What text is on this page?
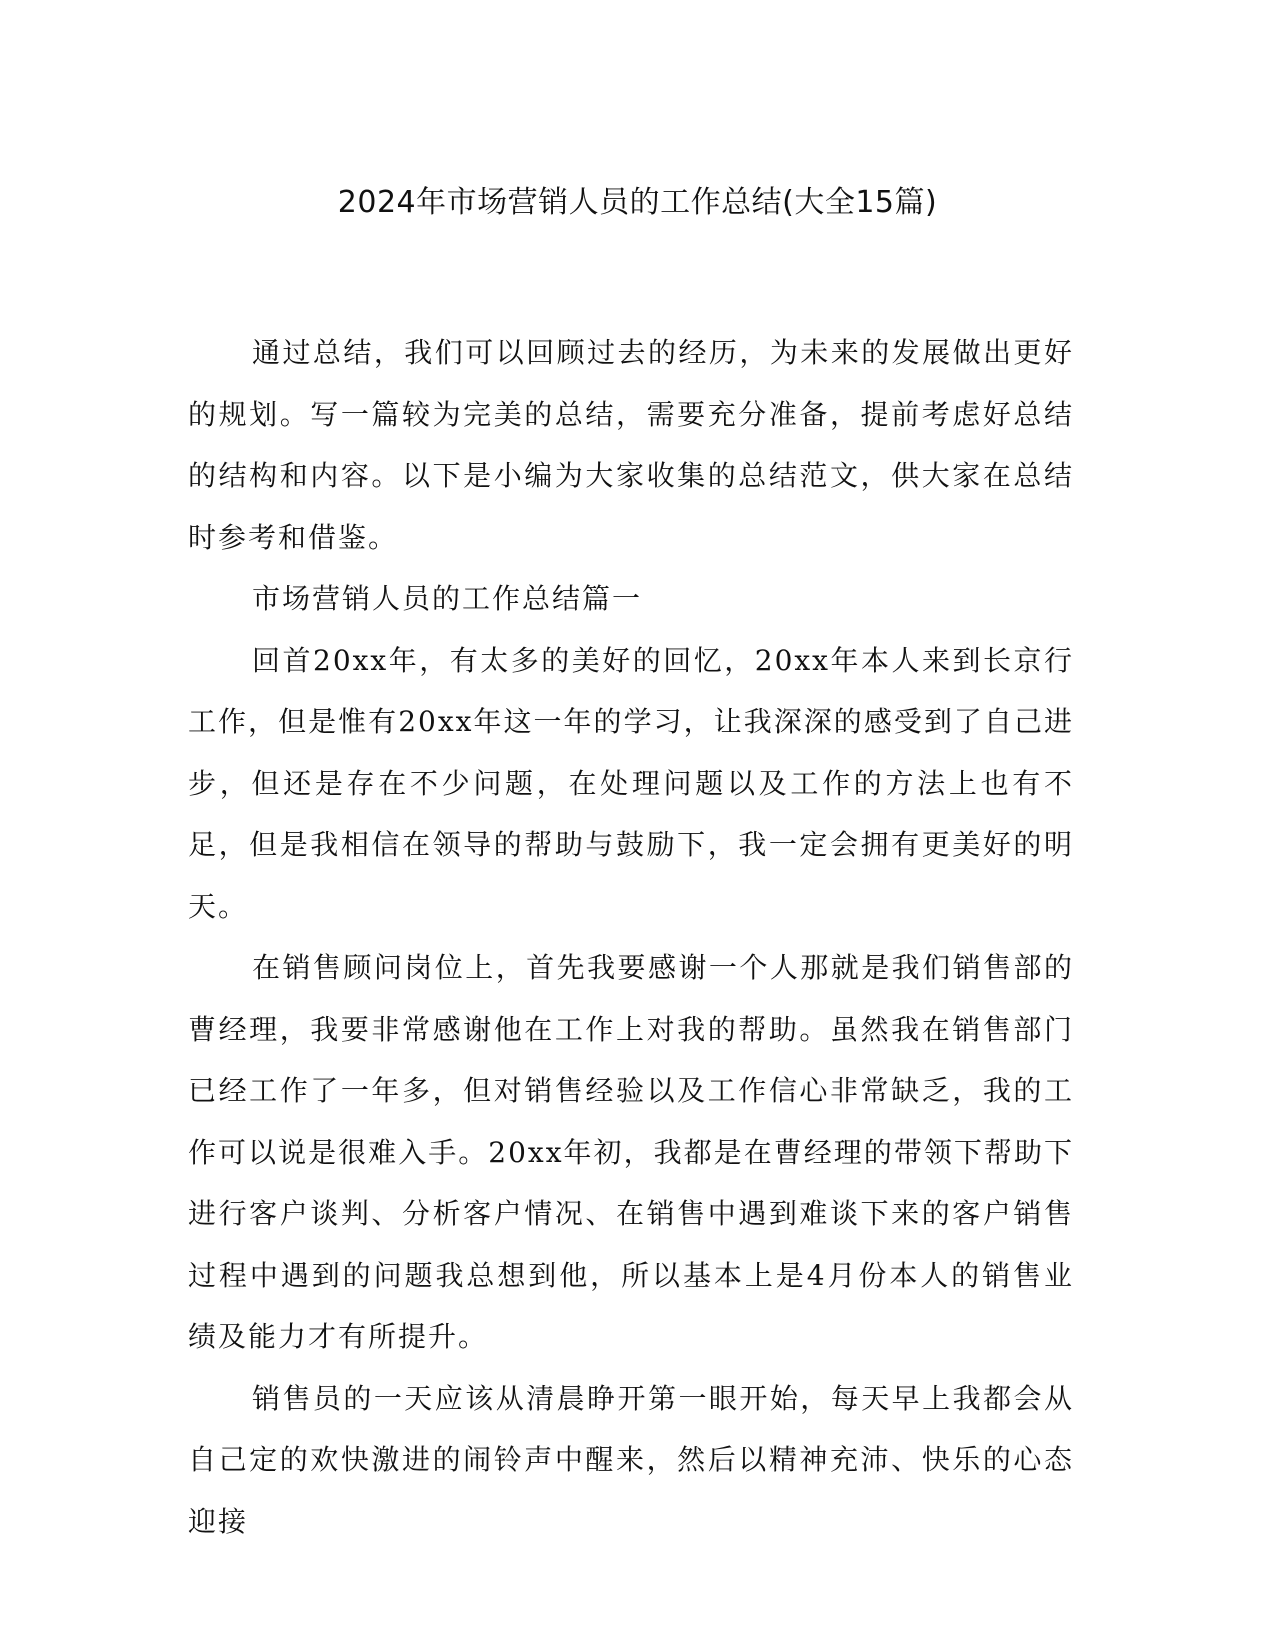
2024年市场营销人员的工作总结(大全15篇)

通过总结，我们可以回顾过去的经历，为未来的发展做出更好的规划。写一篇较为完美的总结，需要充分准备，提前考虑好总结的结构和内容。以下是小编为大家收集的总结范文，供大家在总结时参考和借鉴。

市场营销人员的工作总结篇一

回首20xx年，有太多的美好的回忆，20xx年本人来到长京行工作，但是惟有20xx年这一年的学习，让我深深的感受到了自己进步，但还是存在不少问题，在处理问题以及工作的方法上也有不足，但是我相信在领导的帮助与鼓励下，我一定会拥有更美好的明天。

在销售顾问岗位上，首先我要感谢一个人那就是我们销售部的曹经理，我要非常感谢他在工作上对我的帮助。虽然我在销售部门已经工作了一年多，但对销售经验以及工作信心非常缺乏，我的工作可以说是很难入手。20xx年初，我都是在曹经理的带领下帮助下进行客户谈判、分析客户情况、在销售中遇到难谈下来的客户销售过程中遇到的问题我总想到他，所以基本上是4月份本人的销售业绩及能力才有所提升。

销售员的一天应该从清晨睁开第一眼开始，每天早上我都会从自己定的欢快激进的闹铃声中醒来，然后以精神充沛、快乐的心态迎接
